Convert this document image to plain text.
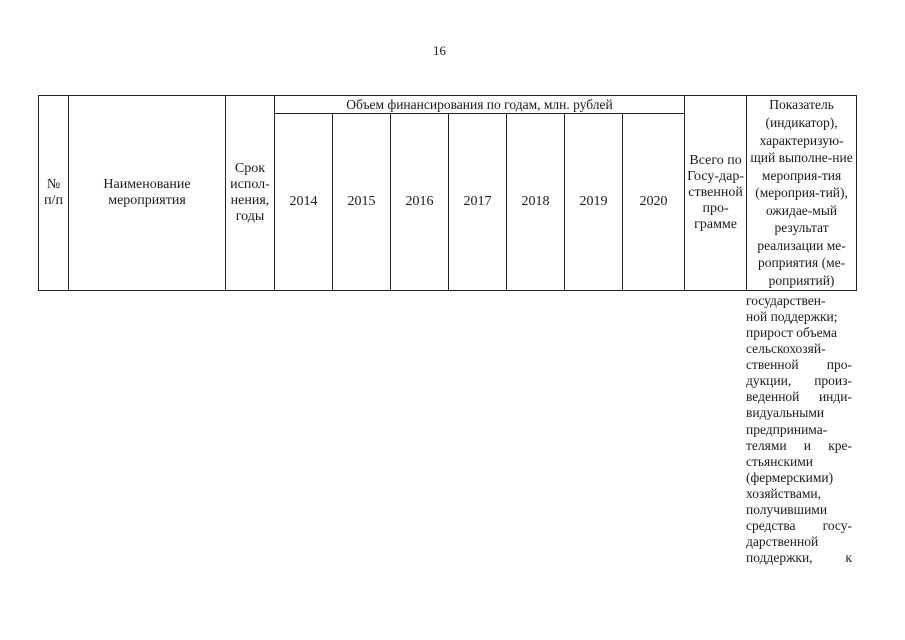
16
№ п/п	Наименование мероприятия	Срок испол-нения, годы	Объем финансирования по годам, млн. рублей							Всего по Госу-дар-ственной про-грамме	Показатель (индикатор), характеризую-щий выполне-ние мероприя-тия (мероприя-тий), ожидае-мый результат реализации ме-роприятия (ме-роприятий)

			2014	2015	2016	2017	2018	2019	2020		
государствен-
ной поддержки;
прирост объема
сельскохозяй-
ственной про-
дукции, произ-
веденной инди-
видуальными
предпринима-
телями и кре-
стьянскими
(фермерскими)
хозяйствами,
получившими
средства госу-
дарственной
поддержки, к
